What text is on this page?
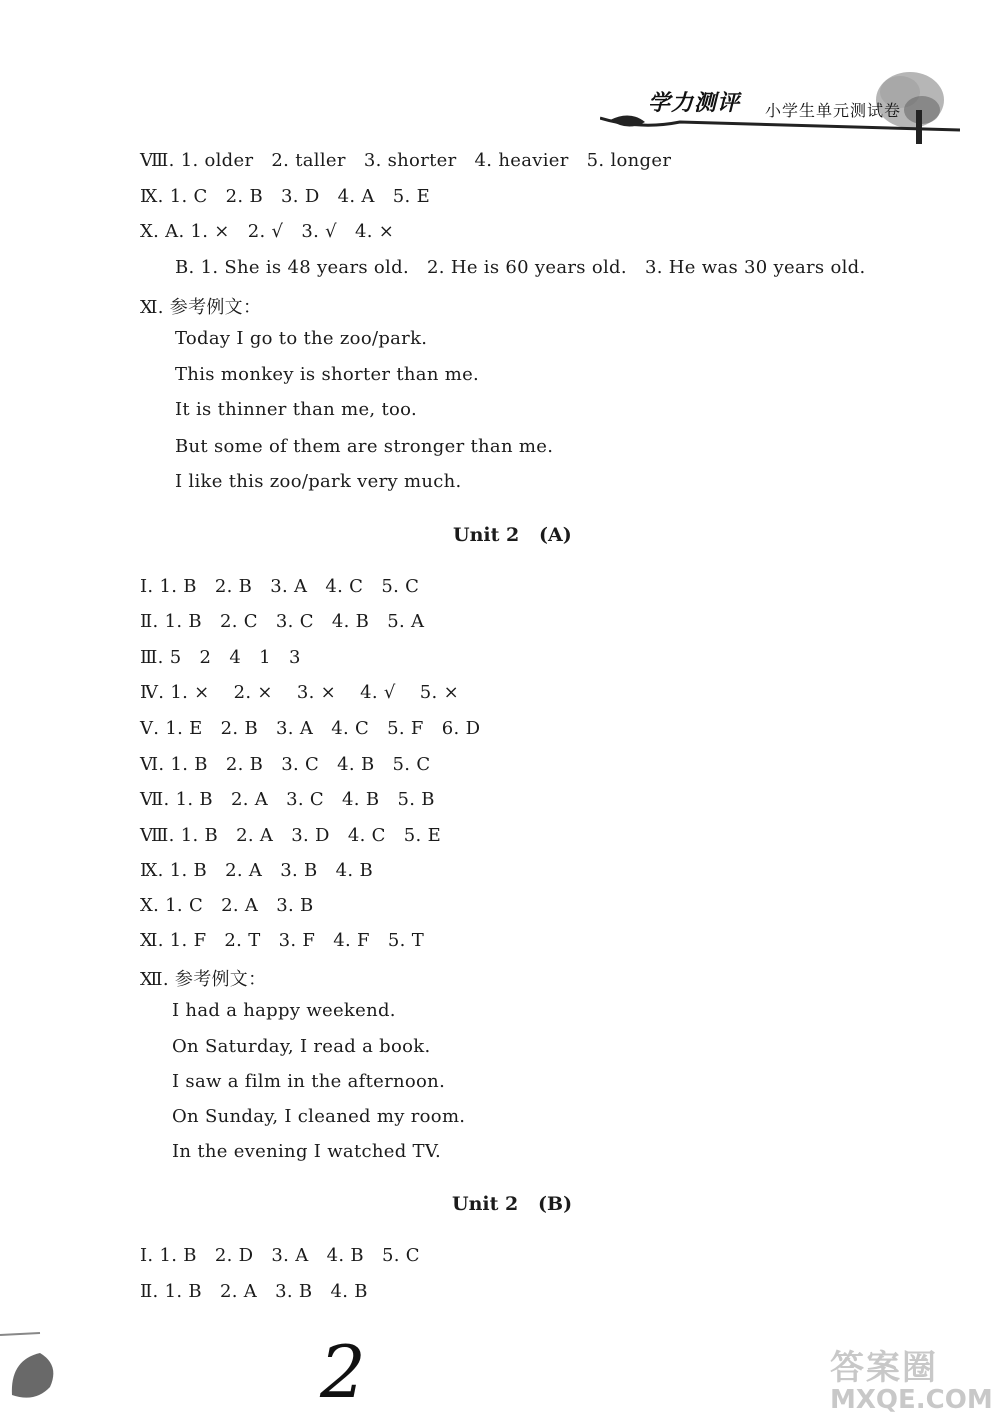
学力测评 小学生单元测试卷
Ⅷ. 1. older   2. taller   3. shorter   4. heavier   5. longer
Ⅸ. 1. C   2. B   3. D   4. A   5. E
Ⅹ. A. 1. ×   2. √   3. √   4. ×
B. 1. She is 48 years old.   2. He is 60 years old.   3. He was 30 years old.
Ⅺ. 参考例文：
Today I go to the zoo/park.
This monkey is shorter than me.
It is thinner than me, too.
But some of them are stronger than me.
I like this zoo/park very much.
Unit 2   (A)
Ⅰ. 1. B   2. B   3. A   4. C   5. C
Ⅱ. 1. B   2. C   3. C   4. B   5. A
Ⅲ. 5   2   4   1   3
Ⅳ. 1. ×    2. ×    3. ×    4. √    5. ×
Ⅴ. 1. E   2. B   3. A   4. C   5. F   6. D
Ⅵ. 1. B   2. B   3. C   4. B   5. C
Ⅶ. 1. B   2. A   3. C   4. B   5. B
Ⅷ. 1. B   2. A   3. D   4. C   5. E
Ⅸ. 1. B   2. A   3. B   4. B
Ⅹ. 1. C   2. A   3. B
Ⅺ. 1. F   2. T   3. F   4. F   5. T
Ⅻ. 参考例文：
I had a happy weekend.
On Saturday, I read a book.
I saw a film in the afternoon.
On Sunday, I cleaned my room.
In the evening I watched TV.
Unit 2   (B)
Ⅰ. 1. B   2. D   3. A   4. B   5. C
Ⅱ. 1. B   2. A   3. B   4. B
2	答案圈
MXQE.COM
